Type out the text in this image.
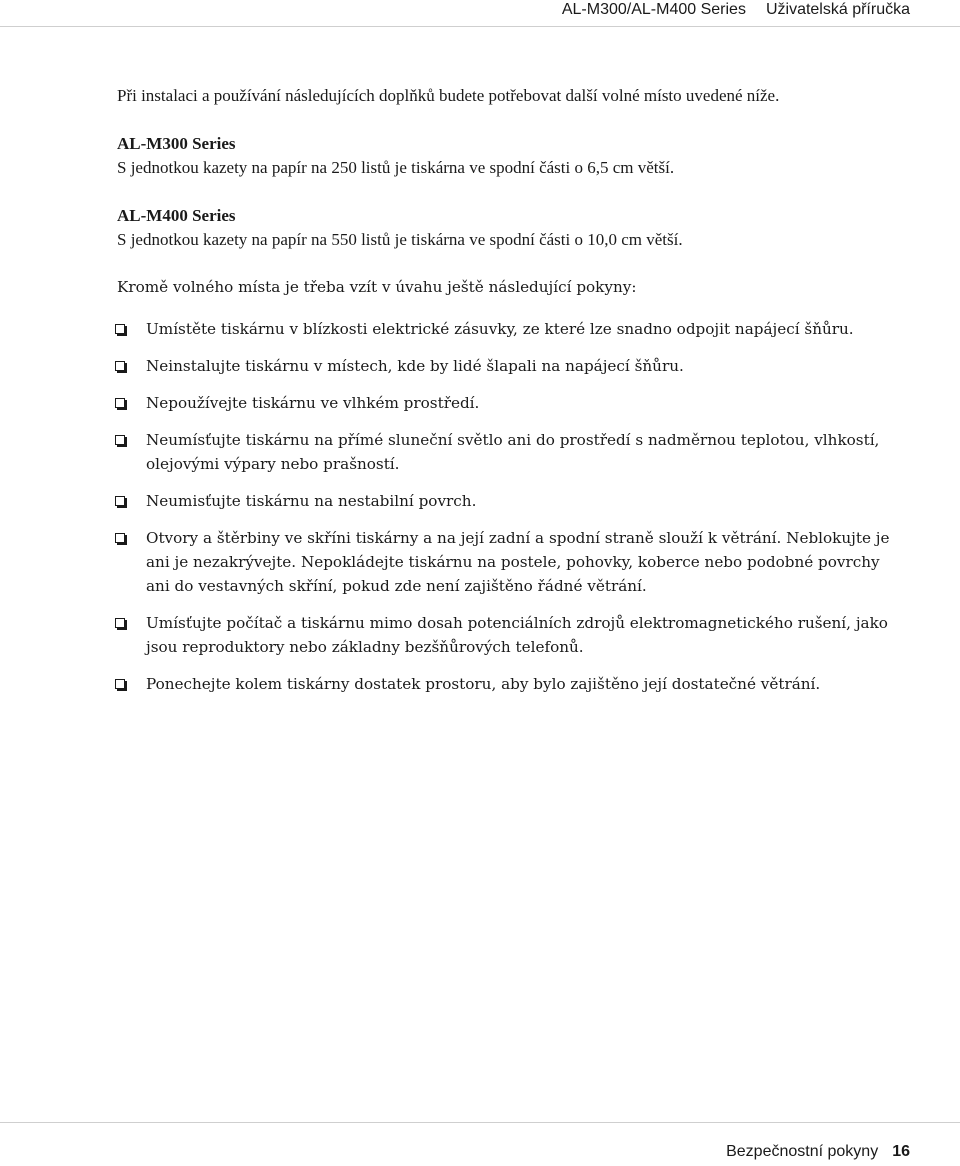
AL-M300/AL-M400 Series Uživatelská příručka

Při instalaci a používání následujících doplňků budete potřebovat další volné místo uvedené níže.

AL-M300 Series
S jednotkou kazety na papír na 250 listů je tiskárna ve spodní části o 6,5 cm větší.
AL-M400 Series
S jednotkou kazety na papír na 550 listů je tiskárna ve spodní části o 10,0 cm větší.

Kromě volného místa je třeba vzít v úvahu ještě následující pokyny:

Umístěte tiskárnu v blízkosti elektrické zásuvky, ze které lze snadno odpojit napájecí šňůru.
Neinstalujte tiskárnu v místech, kde by lidé šlapali na napájecí šňůru.
Nepoužívejte tiskárnu ve vlhkém prostředí.
Neumísťujte tiskárnu na přímé sluneční světlo ani do prostředí s nadměrnou teplotou, vlhkostí, olejovými výpary nebo prašností.
Neumisťujte tiskárnu na nestabilní povrch.
Otvory a štěrbiny ve skříni tiskárny a na její zadní a spodní straně slouží k větrání. Neblokujte je ani je nezakrývejte. Nepokládejte tiskárnu na postele, pohovky, koberce nebo podobné povrchy ani do vestavných skříní, pokud zde není zajištěno řádné větrání.
Umísťujte počítač a tiskárnu mimo dosah potenciálních zdrojů elektromagnetického rušení, jako jsou reproduktory nebo základny bezšňůrových telefonů.
Ponechejte kolem tiskárny dostatek prostoru, aby bylo zajištěno její dostatečné větrání.
Bezpečnostní pokyny 16
